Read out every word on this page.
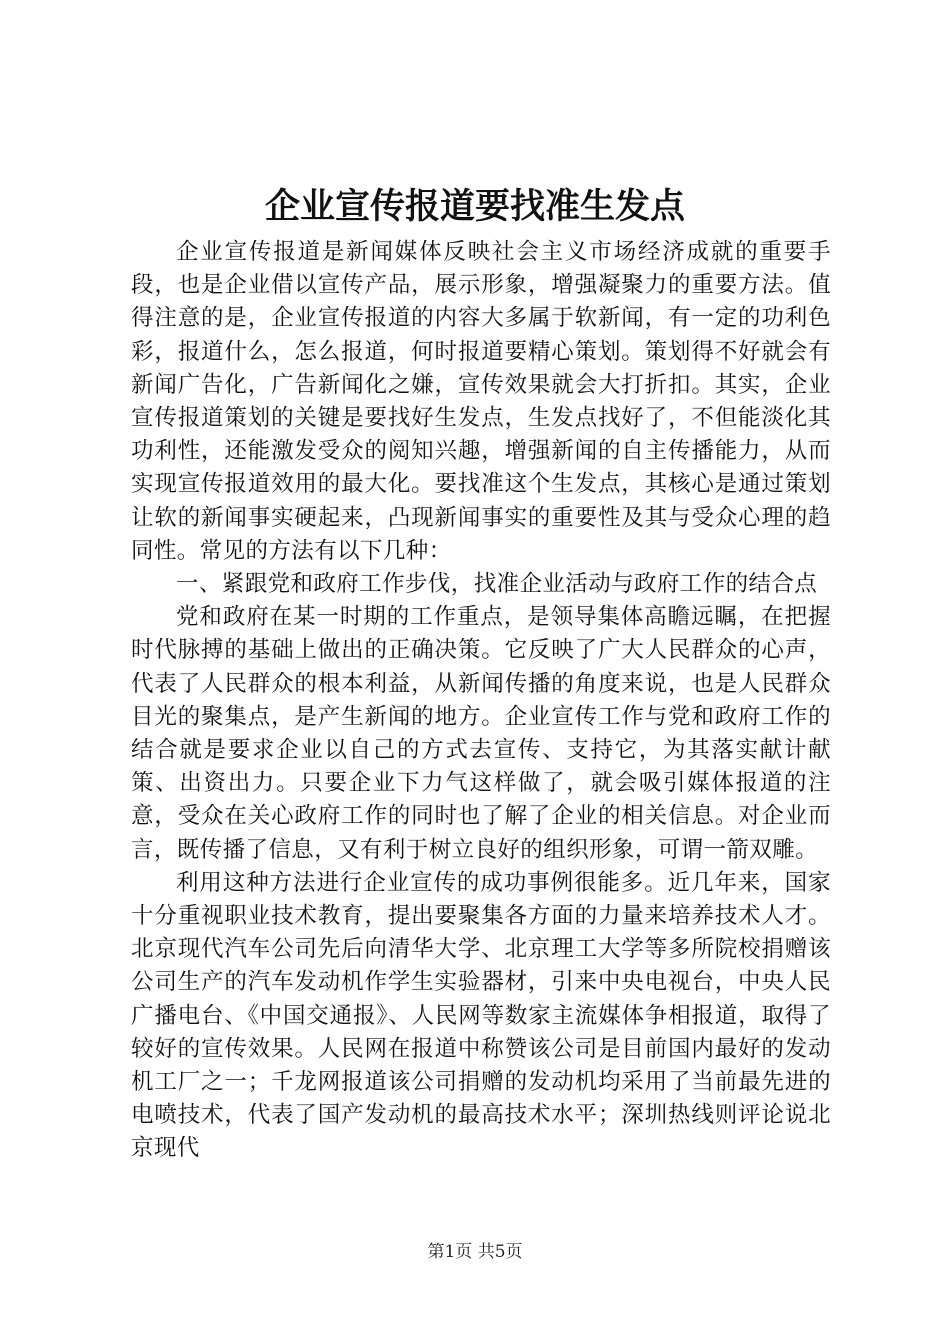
企业宣传报道要找准生发点

企业宣传报道是新闻媒体反映社会主义市场经济成就的重要手段，也是企业借以宣传产品，展示形象，增强凝聚力的重要方法。值得注意的是，企业宣传报道的内容大多属于软新闻，有一定的功利色彩，报道什么，怎么报道，何时报道要精心策划。策划得不好就会有新闻广告化，广告新闻化之嫌，宣传效果就会大打折扣。其实，企业宣传报道策划的关键是要找好生发点，生发点找好了，不但能淡化其功利性，还能激发受众的阅知兴趣，增强新闻的自主传播能力，从而实现宣传报道效用的最大化。要找准这个生发点，其核心是通过策划让软的新闻事实硬起来，凸现新闻事实的重要性及其与受众心理的趋同性。常见的方法有以下几种：

一、紧跟党和政府工作步伐，找准企业活动与政府工作的结合点

党和政府在某一时期的工作重点，是领导集体高瞻远瞩，在把握时代脉搏的基础上做出的正确决策。它反映了广大人民群众的心声，代表了人民群众的根本利益，从新闻传播的角度来说，也是人民群众目光的聚集点，是产生新闻的地方。企业宣传工作与党和政府工作的结合就是要求企业以自己的方式去宣传、支持它，为其落实献计献策、出资出力。只要企业下力气这样做了，就会吸引媒体报道的注意，受众在关心政府工作的同时也了解了企业的相关信息。对企业而言，既传播了信息，又有利于树立良好的组织形象，可谓一箭双雕。

利用这种方法进行企业宣传的成功事例很能多。近几年来，国家十分重视职业技术教育，提出要聚集各方面的力量来培养技术人才。北京现代汽车公司先后向清华大学、北京理工大学等多所院校捐赠该公司生产的汽车发动机作学生实验器材，引来中央电视台，中央人民广播电台、《中国交通报》、人民网等数家主流媒体争相报道，取得了较好的宣传效果。人民网在报道中称赞该公司是目前国内最好的发动机工厂之一；千龙网报道该公司捐赠的发动机均采用了当前最先进的电喷技术，代表了国产发动机的最高技术水平；深圳热线则评论说北京现代

第1页 共5页
